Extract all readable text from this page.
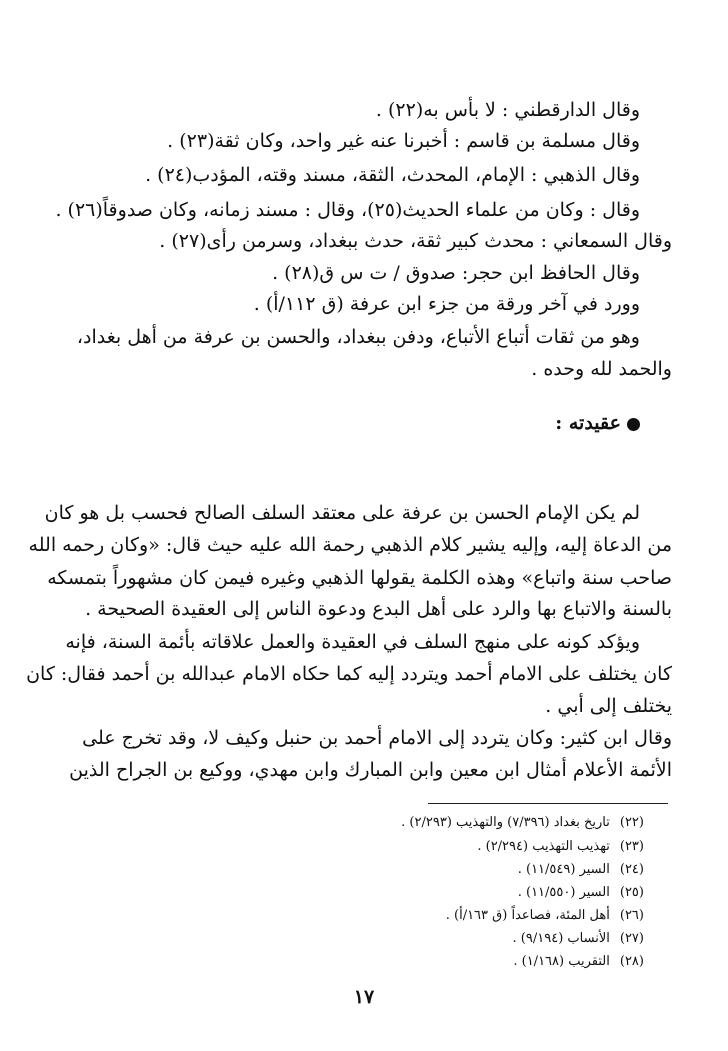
وقال الدارقطني : لا بأس به(٢٢) .
وقال مسلمة بن قاسم : أخبرنا عنه غير واحد، وكان ثقة(٢٣) .
وقال الذهبي : الإمام، المحدث، الثقة، مسند وقته، المؤدب(٢٤) .
وقال : وكان من علماء الحديث(٢٥)، وقال : مسند زمانه، وكان صدوقاً(٢٦) .
وقال السمعاني : محدث كبير ثقة، حدث ببغداد، وسرمن رأى(٢٧) .
وقال الحافظ ابن حجر: صدوق / ت س ق(٢٨) .
وورد في آخر ورقة من جزء ابن عرفة (ق ١١٢/أ) .
وهو من ثقات أتباع الأتباع، ودفن ببغداد، والحسن بن عرفة من أهل بغداد،
والحمد لله وحده .
عقيدته :
لم يكن الإمام الحسن بن عرفة على معتقد السلف الصالح فحسب بل هو كان
من الدعاة إليه، وإليه يشير كلام الذهبي رحمة الله عليه حيث قال: «وكان رحمه الله
صاحب سنة واتباع» وهذه الكلمة يقولها الذهبي وغيره فيمن كان مشهوراً بتمسكه
بالسنة والاتباع بها والرد على أهل البدع ودعوة الناس إلى العقيدة الصحيحة .
ويؤكد كونه على منهج السلف في العقيدة والعمل علاقاته بأئمة السنة، فإنه
كان يختلف على الامام أحمد ويتردد إليه كما حكاه الامام عبدالله بن أحمد فقال: كان
يختلف إلى أبي .
وقال ابن كثير: وكان يتردد إلى الامام أحمد بن حنبل وكيف لا، وقد تخرج على
الأئمة الأعلام أمثال ابن معين وابن المبارك وابن مهدي، ووكيع بن الجراح الذين
(٢٢) تاريخ بغداد (٧/٣٩٦) والتهذيب (٢/٢٩٣) .
(٢٣) تهذيب التهذيب (٢/٢٩٤) .
(٢٤) السير (١١/٥٤٩) .
(٢٥) السير (١١/٥٥٠) .
(٢٦) أهل المئة، فصاعداً (ق ١٦٣/أ) .
(٢٧) الأنساب (٩/١٩٤) .
(٢٨) التقريب (١/١٦٨) .
١٧
